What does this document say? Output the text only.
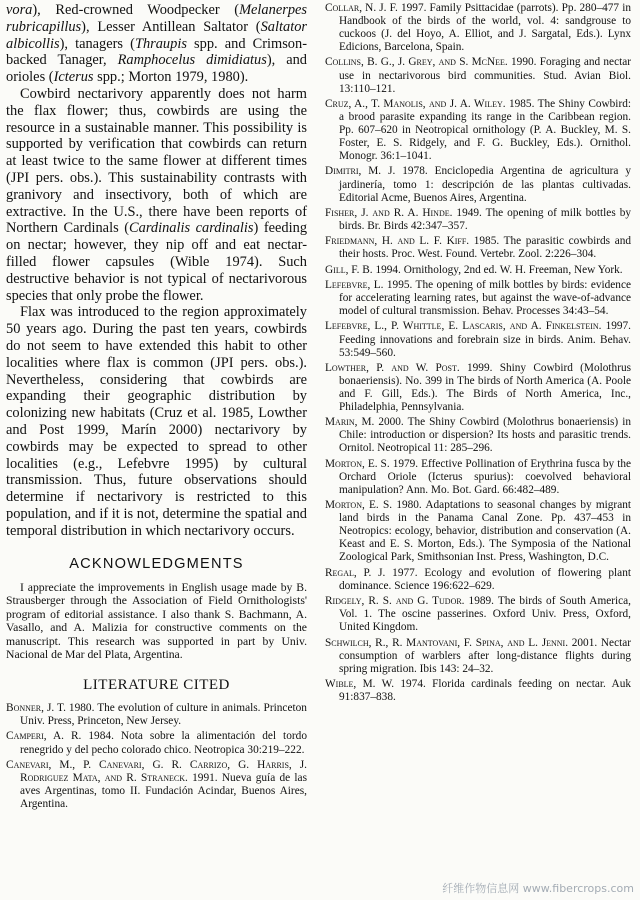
vora), Red-crowned Woodpecker (Melanerpes rubricapillus), Lesser Antillean Saltator (Saltator albicollis), tanagers (Thraupis spp. and Crimson-backed Tanager, Ramphocelus dimidiatus), and orioles (Icterus spp.; Morton 1979, 1980).

Cowbird nectarivory apparently does not harm the flax flower; thus, cowbirds are using the resource in a sustainable manner. This possibility is supported by verification that cowbirds can return at least twice to the same flower at different times (JPI pers. obs.). This sustainability contrasts with granivory and insectivory, both of which are extractive. In the U.S., there have been reports of Northern Cardinals (Cardinalis cardinalis) feeding on nectar; however, they nip off and eat nectar-filled flower capsules (Wible 1974). Such destructive behavior is not typical of nectarivorous species that only probe the flower.

Flax was introduced to the region approximately 50 years ago. During the past ten years, cowbirds do not seem to have extended this habit to other localities where flax is common (JPI pers. obs.). Nevertheless, considering that cowbirds are expanding their geographic distribution by colonizing new habitats (Cruz et al. 1985, Lowther and Post 1999, Marín 2000) nectarivory by cowbirds may be expected to spread to other localities (e.g., Lefebvre 1995) by cultural transmission. Thus, future observations should determine if nectarivory is restricted to this population, and if it is not, determine the spatial and temporal distribution in which nectarivory occurs.

ACKNOWLEDGMENTS

I appreciate the improvements in English usage made by B. Strausberger through the Association of Field Ornithologists' program of editorial assistance. I also thank S. Bachmann, A. Vasallo, and A. Malizia for constructive comments on the manuscript. This research was supported in part by Univ. Nacional de Mar del Plata, Argentina.

LITERATURE CITED

Bonner, J. T. 1980. The evolution of culture in animals. Princeton Univ. Press, Princeton, New Jersey.

Camperi, A. R. 1984. Nota sobre la alimentación del tordo renegrido y del pecho colorado chico. Neotropica 30:219–222.

Canevari, M., P. Canevari, G. R. Carrizo, G. Harris, J. Rodriguez Mata, and R. Straneck. 1991. Nueva guía de las aves Argentinas, tomo II. Fundación Acindar, Buenos Aires, Argentina.

Collar, N. J. F. 1997. Family Psittacidae (parrots). Pp. 280–477 in Handbook of the birds of the world, vol. 4: sandgrouse to cuckoos (J. del Hoyo, A. Elliot, and J. Sargatal, Eds.). Lynx Edicions, Barcelona, Spain.

Collins, B. G., J. Grey, and S. McNee. 1990. Foraging and nectar use in nectarivorous bird communities. Stud. Avian Biol. 13:110–121.

Cruz, A., T. Manolis, and J. A. Wiley. 1985. The Shiny Cowbird: a brood parasite expanding its range in the Caribbean region. Pp. 607–620 in Neotropical ornithology (P. A. Buckley, M. S. Foster, E. S. Ridgely, and F. G. Buckley, Eds.). Ornithol. Monogr. 36:1–1041.

Dimitri, M. J. 1978. Enciclopedia Argentina de agricultura y jardinería, tomo 1: descripción de las plantas cultivadas. Editorial Acme, Buenos Aires, Argentina.

Fisher, J. and R. A. Hinde. 1949. The opening of milk bottles by birds. Br. Birds 42:347–357.

Friedmann, H. and L. F. Kiff. 1985. The parasitic cowbirds and their hosts. Proc. West. Found. Vertebr. Zool. 2:226–304.

Gill, F. B. 1994. Ornithology, 2nd ed. W. H. Freeman, New York.

Lefebvre, L. 1995. The opening of milk bottles by birds: evidence for accelerating learning rates, but against the wave-of-advance model of cultural transmission. Behav. Processes 34:43–54.

Lefebvre, L., P. Whittle, E. Lascaris, and A. Finkelstein. 1997. Feeding innovations and forebrain size in birds. Anim. Behav. 53:549–560.

Lowther, P. and W. Post. 1999. Shiny Cowbird (Molothrus bonaeriensis). No. 399 in The birds of North America (A. Poole and F. Gill, Eds.). The Birds of North America, Inc., Philadelphia, Pennsylvania.

Marin, M. 2000. The Shiny Cowbird (Molothrus bonaeriensis) in Chile: introduction or dispersion? Its hosts and parasitic trends. Ornitol. Neotropical 11: 285–296.

Morton, E. S. 1979. Effective Pollination of Erythrina fusca by the Orchard Oriole (Icterus spurius): coevolved behavioral manipulation? Ann. Mo. Bot. Gard. 66:482–489.

Morton, E. S. 1980. Adaptations to seasonal changes by migrant land birds in the Panama Canal Zone. Pp. 437–453 in Neotropics: ecology, behavior, distribution and conservation (A. Keast and E. S. Morton, Eds.). The Symposia of the National Zoological Park, Smithsonian Inst. Press, Washington, D.C.

Regal, P. J. 1977. Ecology and evolution of flowering plant dominance. Science 196:622–629.

Ridgely, R. S. and G. Tudor. 1989. The birds of South America, Vol. 1. The oscine passerines. Oxford Univ. Press, Oxford, United Kingdom.

Schwilch, R., R. Mantovani, F. Spina, and L. Jenni. 2001. Nectar consumption of warblers after long-distance flights during spring migration. Ibis 143: 24–32.

Wible, M. W. 1974. Florida cardinals feeding on nectar. Auk 91:837–838.

纤维作物信息网 www.fibercrops.com
